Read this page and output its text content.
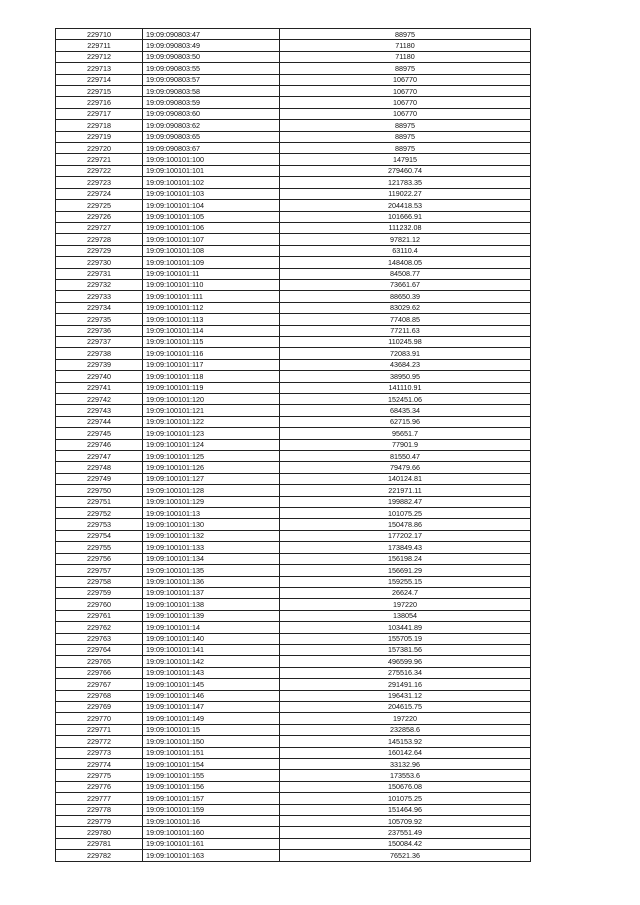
229710	19:09:090803:47	88975
229711	19:09:090803:49	71180
229712	19:09:090803:50	71180
229713	19:09:090803:55	88975
229714	19:09:090803:57	106770
229715	19:09:090803:58	106770
229716	19:09:090803:59	106770
229717	19:09:090803:60	106770
229718	19:09:090803:62	88975
229719	19:09:090803:65	88975
229720	19:09:090803:67	88975
229721	19:09:100101:100	147915
229722	19:09:100101:101	279460.74
229723	19:09:100101:102	121783.35
229724	19:09:100101:103	119022.27
229725	19:09:100101:104	204418.53
229726	19:09:100101:105	101666.91
229727	19:09:100101:106	111232.08
229728	19:09:100101:107	97821.12
229729	19:09:100101:108	63110.4
229730	19:09:100101:109	148408.05
229731	19:09:100101:11	84508.77
229732	19:09:100101:110	73661.67
229733	19:09:100101:111	88650.39
229734	19:09:100101:112	83029.62
229735	19:09:100101:113	77408.85
229736	19:09:100101:114	77211.63
229737	19:09:100101:115	110245.98
229738	19:09:100101:116	72083.91
229739	19:09:100101:117	43684.23
229740	19:09:100101:118	38950.95
229741	19:09:100101:119	141110.91
229742	19:09:100101:120	152451.06
229743	19:09:100101:121	68435.34
229744	19:09:100101:122	62715.96
229745	19:09:100101:123	95651.7
229746	19:09:100101:124	77901.9
229747	19:09:100101:125	81550.47
229748	19:09:100101:126	79479.66
229749	19:09:100101:127	140124.81
229750	19:09:100101:128	221971.11
229751	19:09:100101:129	199882.47
229752	19:09:100101:13	101075.25
229753	19:09:100101:130	150478.86
229754	19:09:100101:132	177202.17
229755	19:09:100101:133	173849.43
229756	19:09:100101:134	156198.24
229757	19:09:100101:135	156691.29
229758	19:09:100101:136	159255.15
229759	19:09:100101:137	26624.7
229760	19:09:100101:138	197220
229761	19:09:100101:139	138054
229762	19:09:100101:14	103441.89
229763	19:09:100101:140	155705.19
229764	19:09:100101:141	157381.56
229765	19:09:100101:142	496599.96
229766	19:09:100101:143	275516.34
229767	19:09:100101:145	291491.16
229768	19:09:100101:146	196431.12
229769	19:09:100101:147	204615.75
229770	19:09:100101:149	197220
229771	19:09:100101:15	232858.6
229772	19:09:100101:150	145153.92
229773	19:09:100101:151	160142.64
229774	19:09:100101:154	33132.96
229775	19:09:100101:155	173553.6
229776	19:09:100101:156	150676.08
229777	19:09:100101:157	101075.25
229778	19:09:100101:159	151464.96
229779	19:09:100101:16	105709.92
229780	19:09:100101:160	237551.49
229781	19:09:100101:161	150084.42
229782	19:09:100101:163	76521.36
